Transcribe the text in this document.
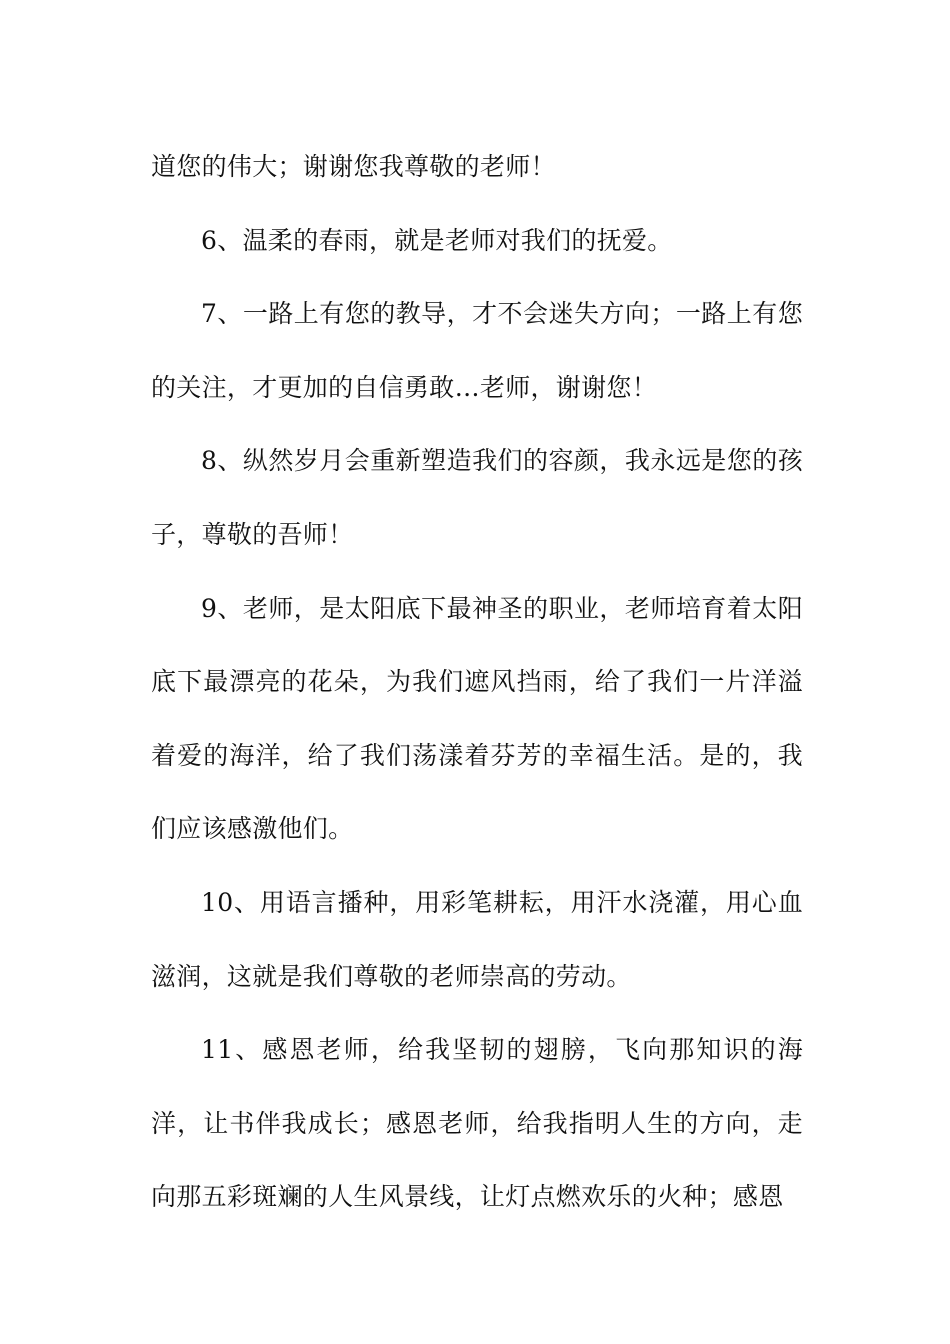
道您的伟大；谢谢您我尊敬的老师！

6、温柔的春雨，就是老师对我们的抚爱。

7、一路上有您的教导，才不会迷失方向；一路上有您的关注，才更加的自信勇敢…老师，谢谢您！

8、纵然岁月会重新塑造我们的容颜，我永远是您的孩子，尊敬的吾师！

9、老师，是太阳底下最神圣的职业，老师培育着太阳底下最漂亮的花朵，为我们遮风挡雨，给了我们一片洋溢着爱的海洋，给了我们荡漾着芬芳的幸福生活。是的，我们应该感激他们。

10、用语言播种，用彩笔耕耘，用汗水浇灌，用心血滋润，这就是我们尊敬的老师崇高的劳动。

11、感恩老师，给我坚韧的翅膀，飞向那知识的海洋，让书伴我成长；感恩老师，给我指明人生的方向，走向那五彩斑斓的人生风景线，让灯点燃欢乐的火种；感恩
